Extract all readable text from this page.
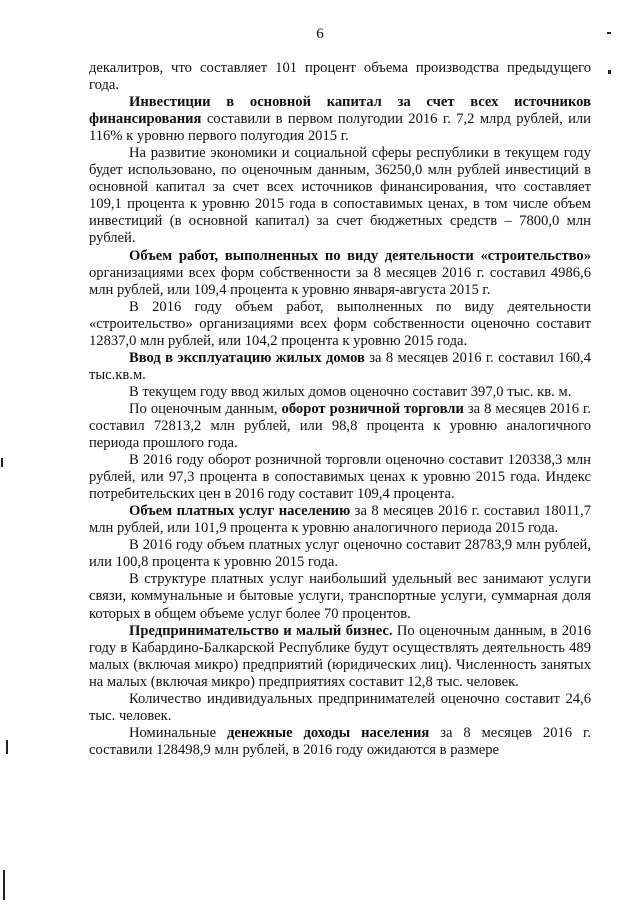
6

декалитров, что составляет 101 процент объема производства предыдущего года.

Инвестиции в основной капитал за счет всех источников финансирования составили в первом полугодии 2016 г. 7,2 млрд рублей, или 116% к уровню первого полугодия 2015 г.

На развитие экономики и социальной сферы республики в текущем году будет использовано, по оценочным данным, 36250,0 млн рублей инвестиций в основной капитал за счет всех источников финансирования, что составляет 109,1 процента к уровню 2015 года в сопоставимых ценах, в том числе объем инвестиций (в основной капитал) за счет бюджетных средств – 7800,0 млн рублей.

Объем работ, выполненных по виду деятельности «строительство» организациями всех форм собственности за 8 месяцев 2016 г. составил 4986,6 млн рублей, или 109,4 процента к уровню января-августа 2015 г.

В 2016 году объем работ, выполненных по виду деятельности «строительство» организациями всех форм собственности оценочно составит 12837,0 млн рублей, или 104,2 процента к уровню 2015 года.

Ввод в эксплуатацию жилых домов за 8 месяцев 2016 г. составил 160,4 тыс.кв.м.

В текущем году ввод жилых домов оценочно составит 397,0 тыс. кв. м.

По оценочным данным, оборот розничной торговли за 8 месяцев 2016 г. составил 72813,2 млн рублей, или 98,8 процента к уровню аналогичного периода прошлого года.

В 2016 году оборот розничной торговли оценочно составит 120338,3 млн рублей, или 97,3 процента в сопоставимых ценах к уровню 2015 года. Индекс потребительских цен в 2016 году составит 109,4 процента.

Объем платных услуг населению за 8 месяцев 2016 г. составил 18011,7 млн рублей, или 101,9 процента к уровню аналогичного периода 2015 года.

В 2016 году объем платных услуг оценочно составит 28783,9 млн рублей, или 100,8 процента к уровню 2015 года.

В структуре платных услуг наибольший удельный вес занимают услуги связи, коммунальные и бытовые услуги, транспортные услуги, суммарная доля которых в общем объеме услуг более 70 процентов.

Предпринимательство и малый бизнес. По оценочным данным, в 2016 году в Кабардино-Балкарской Республике будут осуществлять деятельность 489 малых (включая микро) предприятий (юридических лиц). Численность занятых на малых (включая микро) предприятиях составит 12,8 тыс. человек.

Количество индивидуальных предпринимателей оценочно составит 24,6 тыс. человек.

Номинальные денежные доходы населения за 8 месяцев 2016 г. составили 128498,9 млн рублей, в 2016 году ожидаются в размере
